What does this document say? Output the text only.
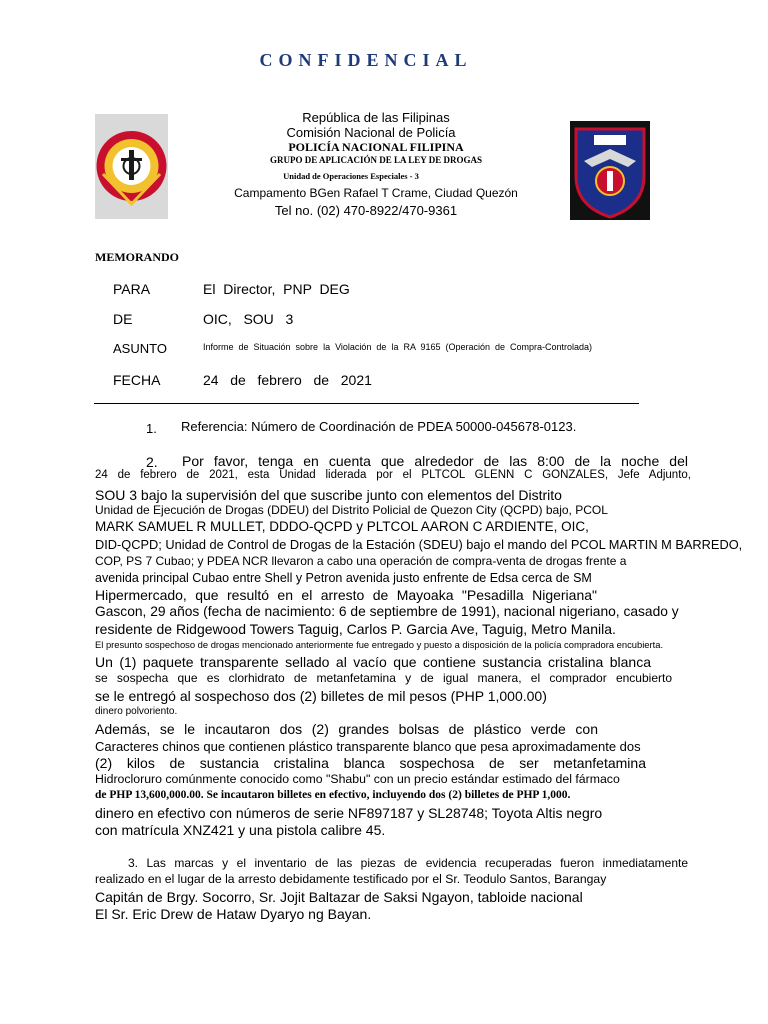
CONFIDENCIAL
República de las Filipinas
Comisión Nacional de Policía
POLICÍA NACIONAL FILIPINA
GRUPO DE APLICACIÓN DE LA LEY DE DROGAS
Unidad de Operaciones Especiales - 3
Campamento BGen Rafael T Crame, Ciudad Quezón
Tel no. (02) 470-8922/470-9361
MEMORANDO
PARA	El  Director,  PNP  DEG
DE	OIC,   SOU   3
ASUNTO	Informe  de  Situación  sobre  la  Violación  de  la  RA  9165  (Operación  de  Compra-Controlada)
FECHA	24   de   febrero   de   2021
1. Referencia: Número de Coordinación de PDEA 50000-045678-0123.
2. Por favor, tenga en cuenta que alrededor de las 8:00 de la noche del
24 de febrero de 2021, esta Unidad liderada por el PLTCOL GLENN C GONZALES, Jefe Adjunto,
SOU 3 bajo la supervisión del que suscribe junto con elementos del Distrito
Unidad de Ejecución de Drogas (DDEU) del Distrito Policial de Quezon City (QCPD) bajo, PCOL
MARK SAMUEL R MULLET, DDDO-QCPD y PLTCOL AARON C ARDIENTE, OIC,
DID-QCPD; Unidad de Control de Drogas de la Estación (SDEU) bajo el mando del PCOL MARTIN M BARREDO,
COP, PS 7 Cubao; y PDEA NCR llevaron a cabo una operación de compra-venta de drogas frente a
avenida principal Cubao entre Shell y Petron avenida justo enfrente de Edsa cerca de SM
Hipermercado, que resultó en el arresto de Mayoaka "Pesadilla Nigeriana"
Gascon, 29 años (fecha de nacimiento: 6 de septiembre de 1991), nacional nigeriano, casado y
residente de Ridgewood Towers Taguig, Carlos P. Garcia Ave, Taguig, Metro Manila.
El presunto sospechoso de drogas mencionado anteriormente fue entregado y puesto a disposición de la policía compradora encubierta.
Un (1) paquete transparente sellado al vacío que contiene sustancia cristalina blanca
se sospecha que es clorhidrato de metanfetamina y de igual manera, el comprador encubierto
se le entregó al sospechoso dos (2) billetes de mil pesos (PHP 1,000.00)
dinero polvoriento.
Además, se le incautaron dos (2) grandes bolsas de plástico verde con
Caracteres chinos que contienen plástico transparente blanco que pesa aproximadamente dos
(2) kilos de sustancia cristalina blanca sospechosa de ser metanfetamina
Hidrocloruro comúnmente conocido como "Shabu" con un precio estándar estimado del fármaco
de PHP 13,600,000.00. Se incautaron billetes en efectivo, incluyendo dos (2) billetes de PHP 1,000.
dinero en efectivo con números de serie NF897187 y SL28748; Toyota Altis negro
con matrícula XNZ421 y una pistola calibre 45.
3. Las marcas y el inventario de las piezas de evidencia recuperadas fueron inmediatamente
realizado en el lugar de la arresto debidamente testificado por el Sr. Teodulo Santos, Barangay
Capitán de Brgy. Socorro, Sr. Jojit Baltazar de Saksi Ngayon, tabloide nacional
El Sr. Eric Drew de Hataw Dyaryo ng Bayan.
